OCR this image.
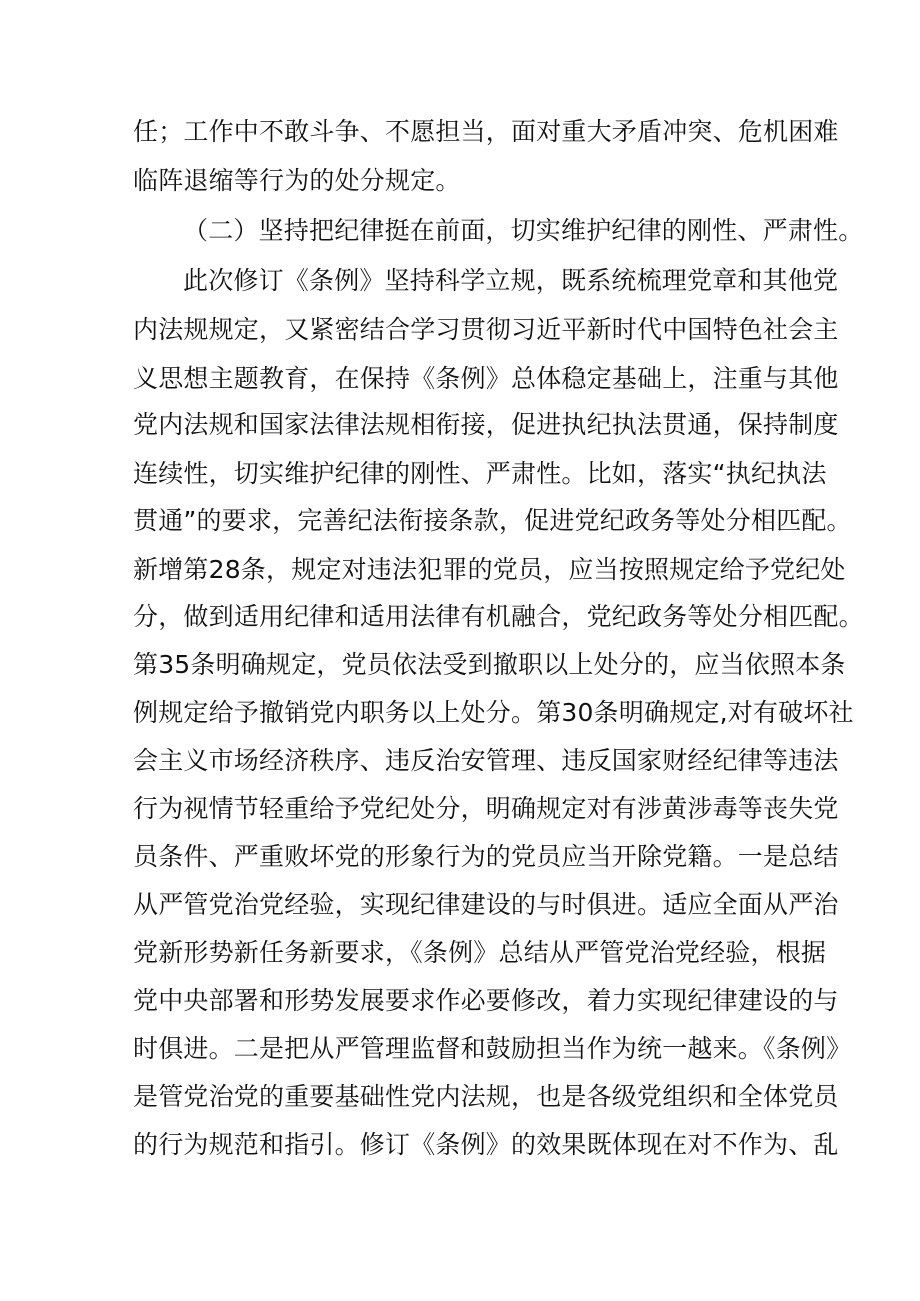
任；工作中不敢斗争、不愿担当，面对重大矛盾冲突、危机困难
临阵退缩等行为的处分规定。
（二）坚持把纪律挺在前面，切实维护纪律的刚性、严肃性。
此次修订《条例》坚持科学立规，既系统梳理党章和其他党
内法规规定，又紧密结合学习贯彻习近平新时代中国特色社会主
义思想主题教育，在保持《条例》总体稳定基础上，注重与其他
党内法规和国家法律法规相衔接，促进执纪执法贯通，保持制度
连续性，切实维护纪律的刚性、严肃性。比如，落实“执纪执法
贯通”的要求，完善纪法衔接条款，促进党纪政务等处分相匹配。
新增第28条，规定对违法犯罪的党员，应当按照规定给予党纪处
分，做到适用纪律和适用法律有机融合，党纪政务等处分相匹配。
第35条明确规定，党员依法受到撤职以上处分的，应当依照本条
例规定给予撤销党内职务以上处分。第30条明确规定,对有破坏社
会主义市场经济秩序、违反治安管理、违反国家财经纪律等违法
行为视情节轻重给予党纪处分，明确规定对有涉黄涉毒等丧失党
员条件、严重败坏党的形象行为的党员应当开除党籍。一是总结
从严管党治党经验，实现纪律建设的与时俱进。适应全面从严治
党新形势新任务新要求，《条例》总结从严管党治党经验，根据
党中央部署和形势发展要求作必要修改，着力实现纪律建设的与
时俱进。二是把从严管理监督和鼓励担当作为统一越来。《条例》
是管党治党的重要基础性党内法规，也是各级党组织和全体党员
的行为规范和指引。修订《条例》的效果既体现在对不作为、乱
